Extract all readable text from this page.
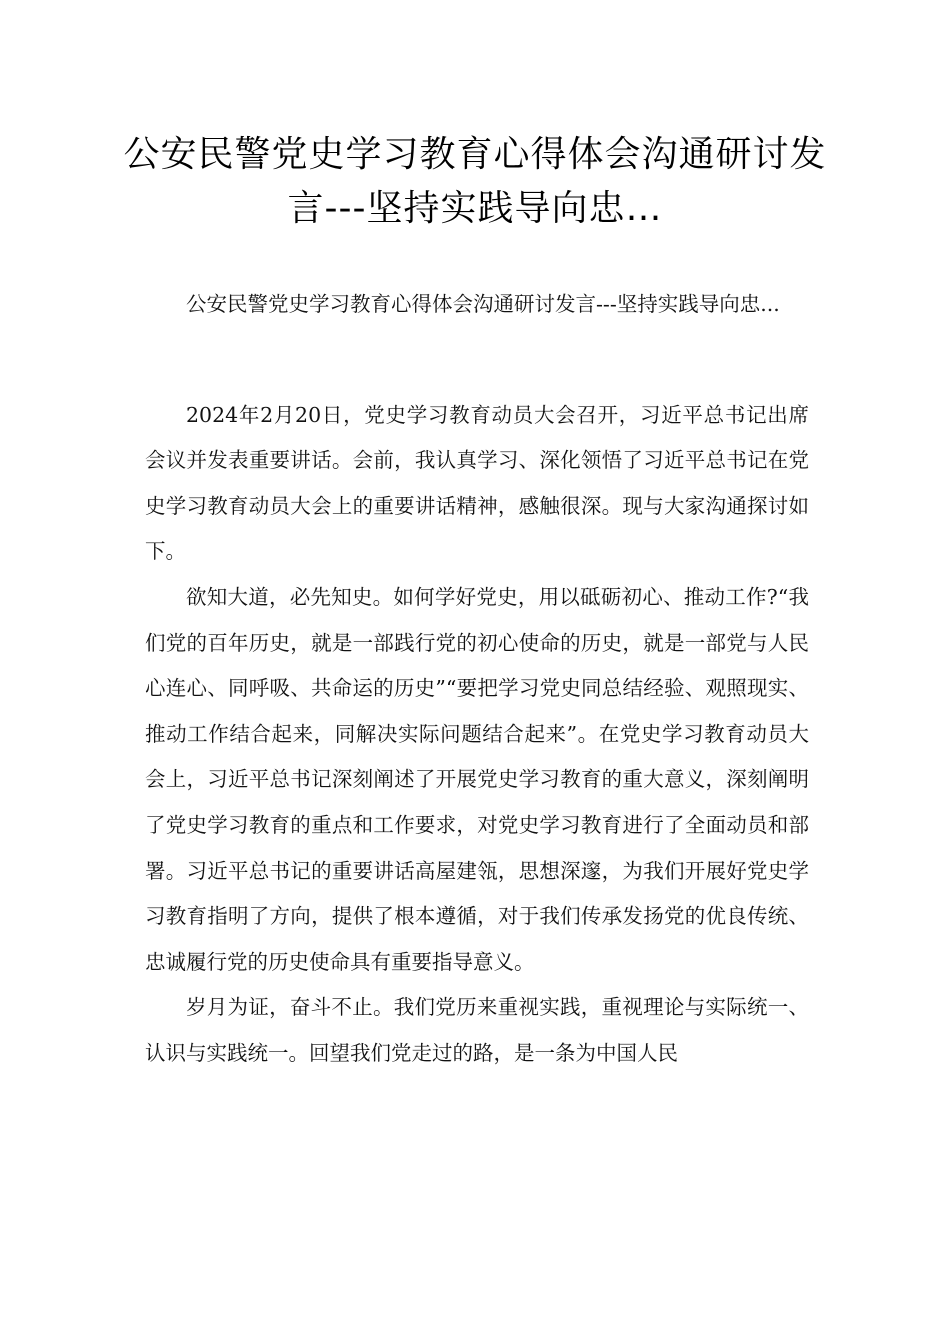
公安民警党史学习教育心得体会沟通研讨发言---坚持实践导向忠…

公安民警党史学习教育心得体会沟通研讨发言---坚持实践导向忠...

2024年2月20日，党史学习教育动员大会召开，习近平总书记出席会议并发表重要讲话。会前，我认真学习、深化领悟了习近平总书记在党史学习教育动员大会上的重要讲话精神，感触很深。现与大家沟通探讨如下。

欲知大道，必先知史。如何学好党史，用以砥砺初心、推动工作?“我们党的百年历史，就是一部践行党的初心使命的历史，就是一部党与人民心连心、同呼吸、共命运的历史”“要把学习党史同总结经验、观照现实、推动工作结合起来，同解决实际问题结合起来”。在党史学习教育动员大会上，习近平总书记深刻阐述了开展党史学习教育的重大意义，深刻阐明了党史学习教育的重点和工作要求，对党史学习教育进行了全面动员和部署。习近平总书记的重要讲话高屋建瓴，思想深邃，为我们开展好党史学习教育指明了方向，提供了根本遵循，对于我们传承发扬党的优良传统、忠诚履行党的历史使命具有重要指导意义。

岁月为证，奋斗不止。我们党历来重视实践，重视理论与实际统一、认识与实践统一。回望我们党走过的路，是一条为中国人民
